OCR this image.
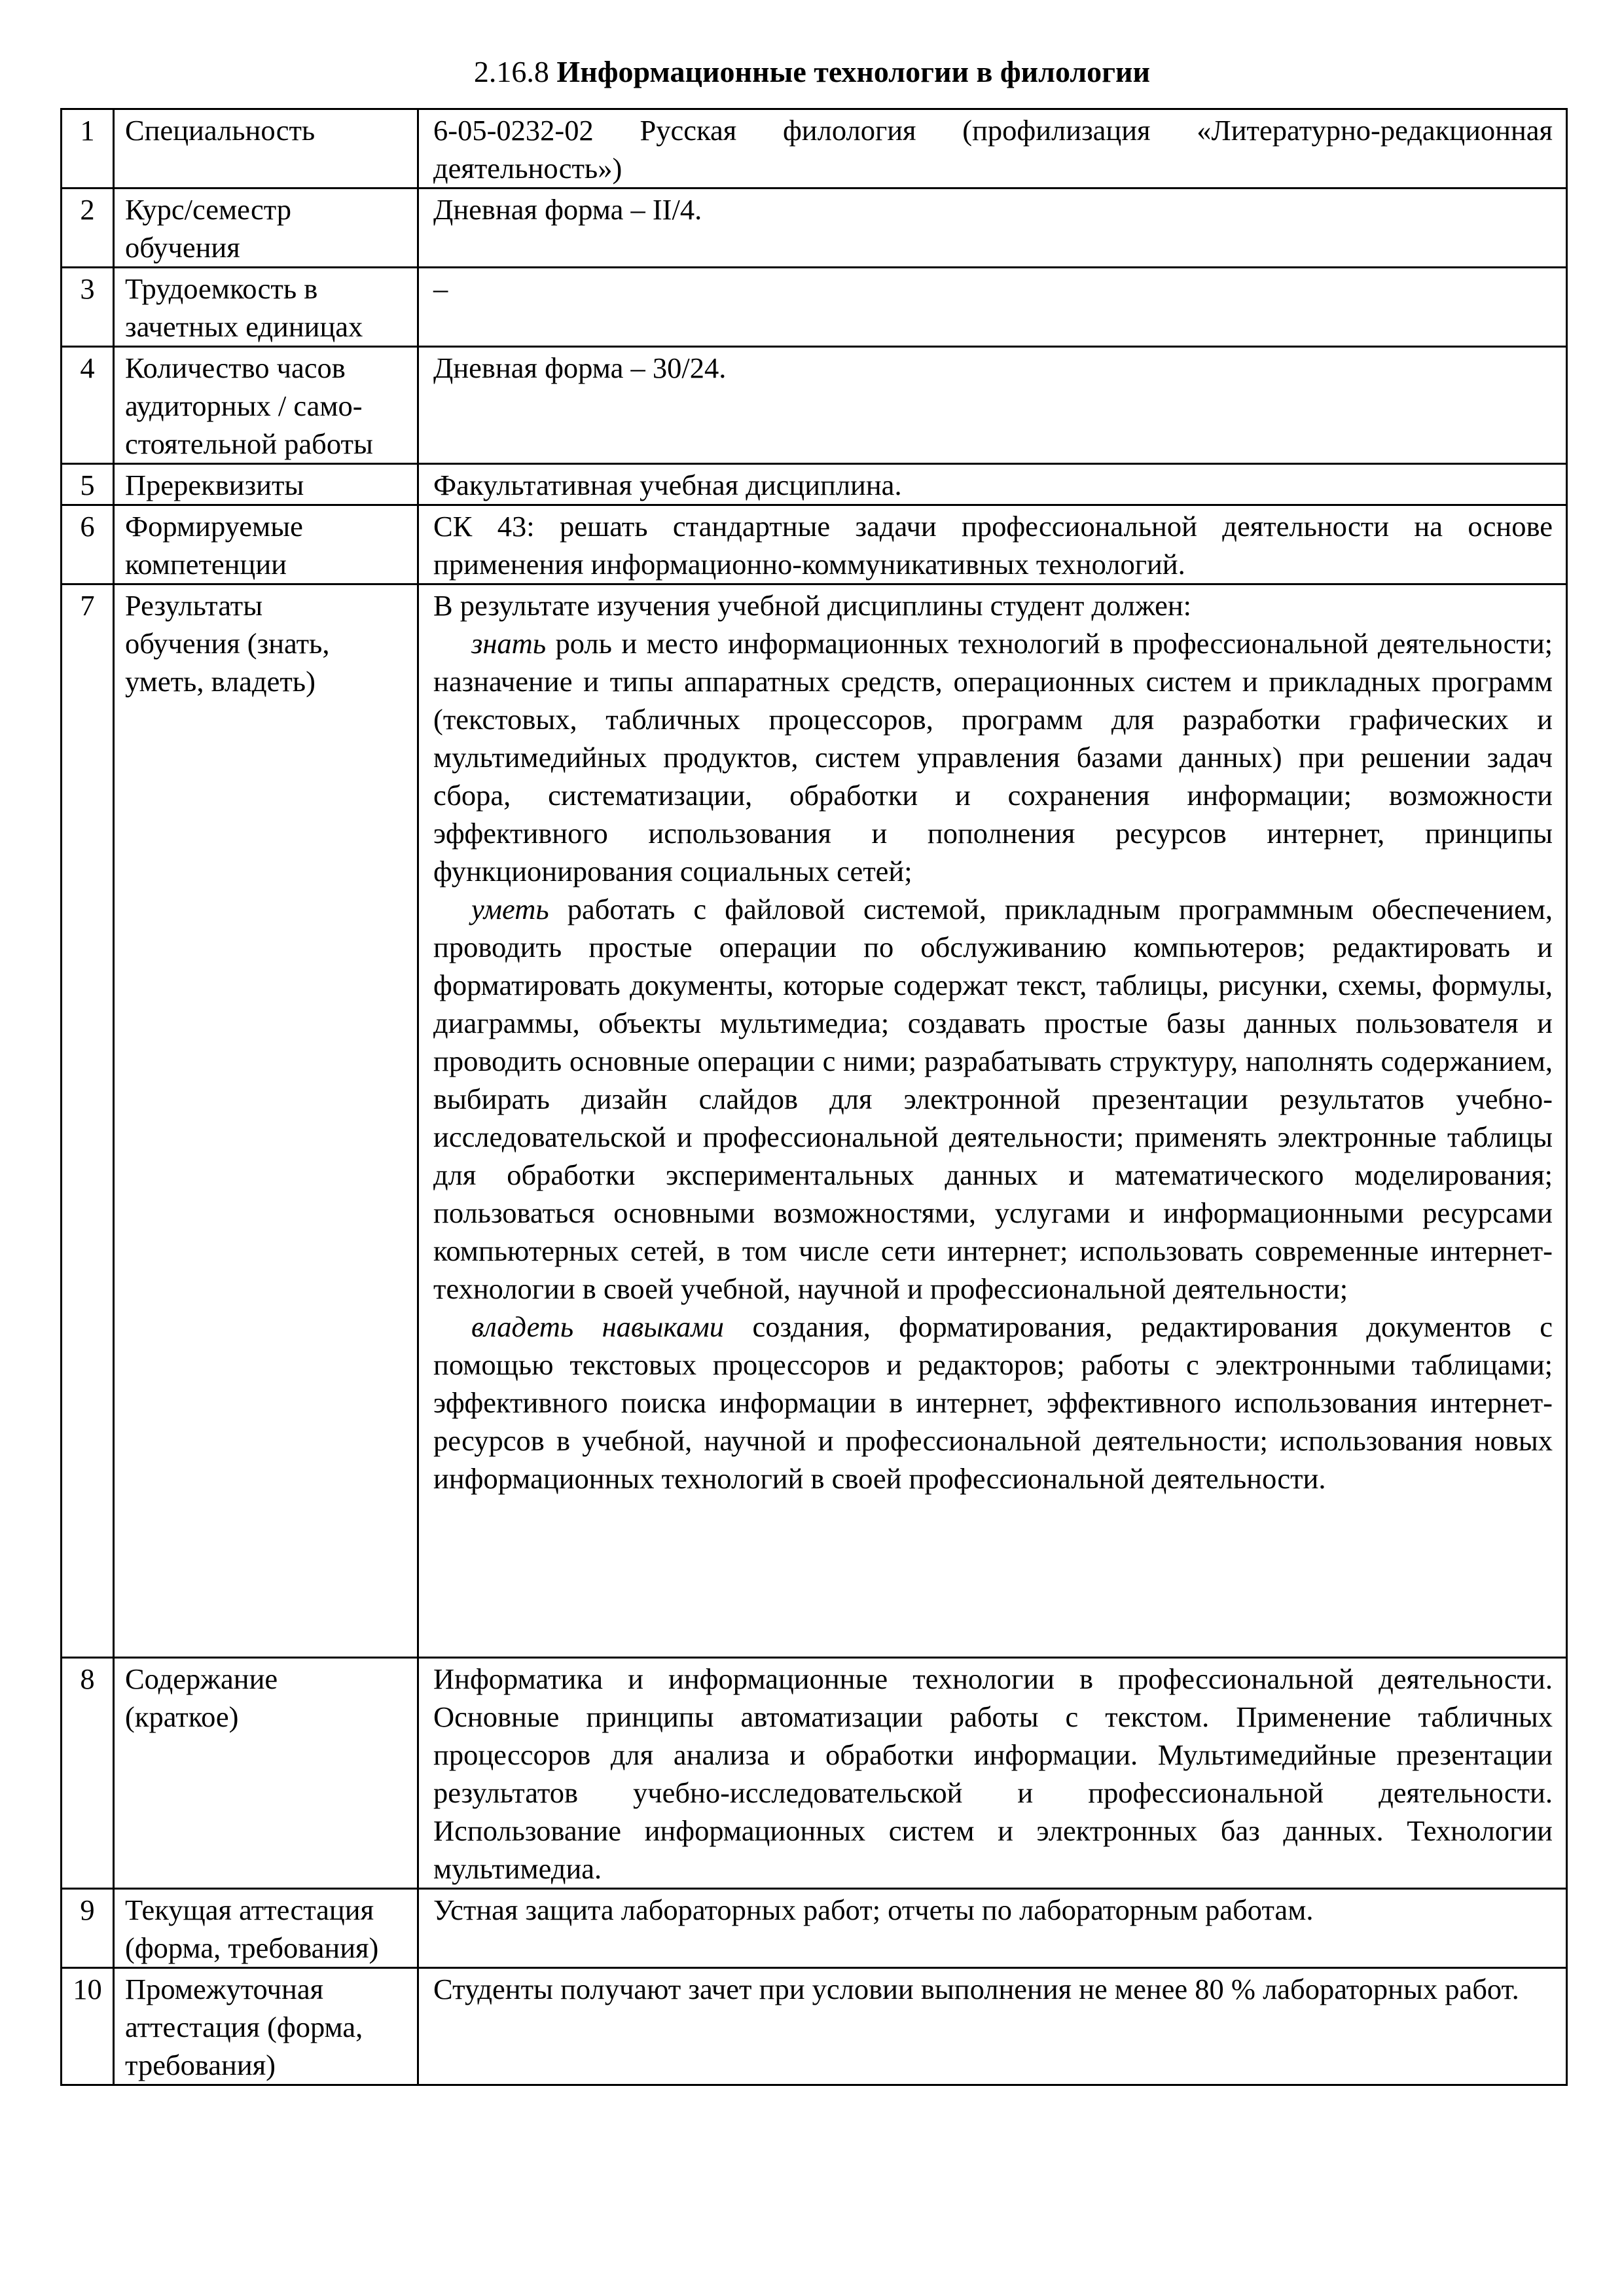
2.16.8 Информационные технологии в филологии
1	Специальность	6-05-0232-02 Русская филология (профилизация «Литературно-редакционная деятельность»)
2	Курс/семестр обучения	Дневная форма – II/4.
3	Трудоемкость в зачетных единицах	–
4	Количество часов аудиторных / само-стоятельной работы	Дневная форма – 30/24.
5	Пререквизиты	Факультативная учебная дисциплина.
6	Формируемые компетенции	СК 43: решать стандартные задачи профессиональной деятельности на основе применения информационно-коммуникативных технологий.
7	Результаты обучения (знать, уметь, владеть)	В результате изучения учебной дисциплины студент должен:
знать роль и место информационных технологий в профессиональной деятельности; назначение и типы аппаратных средств, операционных систем и прикладных программ (текстовых, табличных процессоров, программ для разработки графических и мультимедийных продуктов, систем управления базами данных) при решении задач сбора, систематизации, обработки и сохранения информации; возможности эффективного использования и пополнения ресурсов интернет, принципы функционирования социальных сетей;
уметь работать с файловой системой, прикладным программным обеспечением, проводить простые операции по обслуживанию компьютеров; редактировать и форматировать документы, которые содержат текст, таблицы, рисунки, схемы, формулы, диаграммы, объекты мультимедиа; создавать простые базы данных пользователя и проводить основные операции с ними; разрабатывать структуру, наполнять содержанием, выбирать дизайн слайдов для электронной презентации результатов учебно-исследовательской и профессиональной деятельности; применять электронные таблицы для обработки экспериментальных данных и математического моделирования; пользоваться основными возможностями, услугами и информационными ресурсами компьютерных сетей, в том числе сети интернет; использовать современные интернет-технологии в своей учебной, научной и профессиональной деятельности;
владеть навыками создания, форматирования, редактирования документов с помощью текстовых процессоров и редакторов; работы с электронными таблицами; эффективного поиска информации в интернет, эффективного использования интернет-ресурсов в учебной, научной и профессиональной деятельности; использования новых информационных технологий в своей профессиональной деятельности.

8	Содержание (краткое)	Информатика и информационные технологии в профессиональной деятельности. Основные принципы автоматизации работы с текстом. Применение табличных процессоров для анализа и обработки информации. Мультимедийные презентации результатов учебно-исследовательской и профессиональной деятельности. Использование информационных систем и электронных баз данных. Технологии мультимедиа.
9	Текущая аттестация (форма, требования)	Устная защита лабораторных работ; отчеты по лабораторным работам.
10	Промежуточная аттестация (форма, требования)	Студенты получают зачет при условии выполнения не менее 80 % лабораторных работ.
